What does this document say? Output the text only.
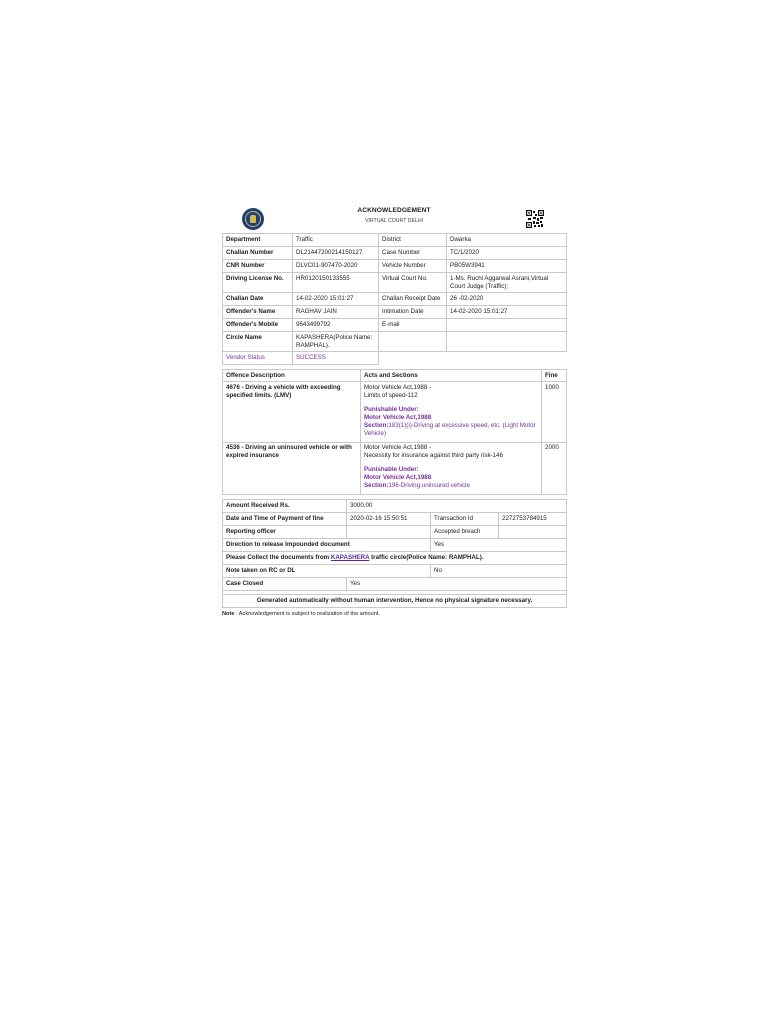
ACKNOWLEDGEMENT
VIRTUAL COURT DELHI
Department	Traffic	District	Dwarka
Challan Number	DL21447200214150127	Case Number	TC/1/2020
CNR Number	DLVC01-907470-2020	Vehicle Number	PB05W3941
Driving License No.	HR0120150133555	Virtual Court No.	1-Ms. Ruchi Aggarwal Asrani,Virtual Court Judge (Traffic);
Challan Date	14-02-2020 15:01:27	Challan Receipt Date	26 -02-2020
Offender's Name	RAGHAV JAIN	Intimation Date	14-02-2020 15:01:27
Offender's Mobile	9643499792	E-mail	
Circle Name	KAPASHERA(Police Name: RAMPHAL).		
Vendor Status	SUCCESS		
Offence Description	Acts and Sections	Fine
4676 - Driving a vehicle with exceeding specified limits. (LMV)	Motor Vehicle Act,1988 -
Limits of speed-112
Punishable Under:
Motor Vehicle Act,1988
Section:183(1)(i)-Driving at excessive speed, etc. (Light Motor Vehicle)	1000
4536 - Driving an uninsured vehicle or with expired insurance	Motor Vehicle Act,1988 -
Necessity for insurance against third party risk-146
Punishable Under:
Motor Vehicle Act,1988
Section:196-Driving uninsured vehicle	2000
Amount Received Rs.	3000.00		
Date and Time of Payment of fine	2020-02-16 15:50:51	Transaction Id	2272753784915
Reporting officer		Accepted breach	
Direction to release Impounded document		Yes	
Please Collect the documents from KAPASHERA traffic circle(Police Name: RAMPHAL).			
Note taken on RC or DL		No	
Case Closed	Yes		

Generated automatically without human intervention, Hence no physical signature necessary.			
Note : Acknowledgement is subject to realization of the amount.
